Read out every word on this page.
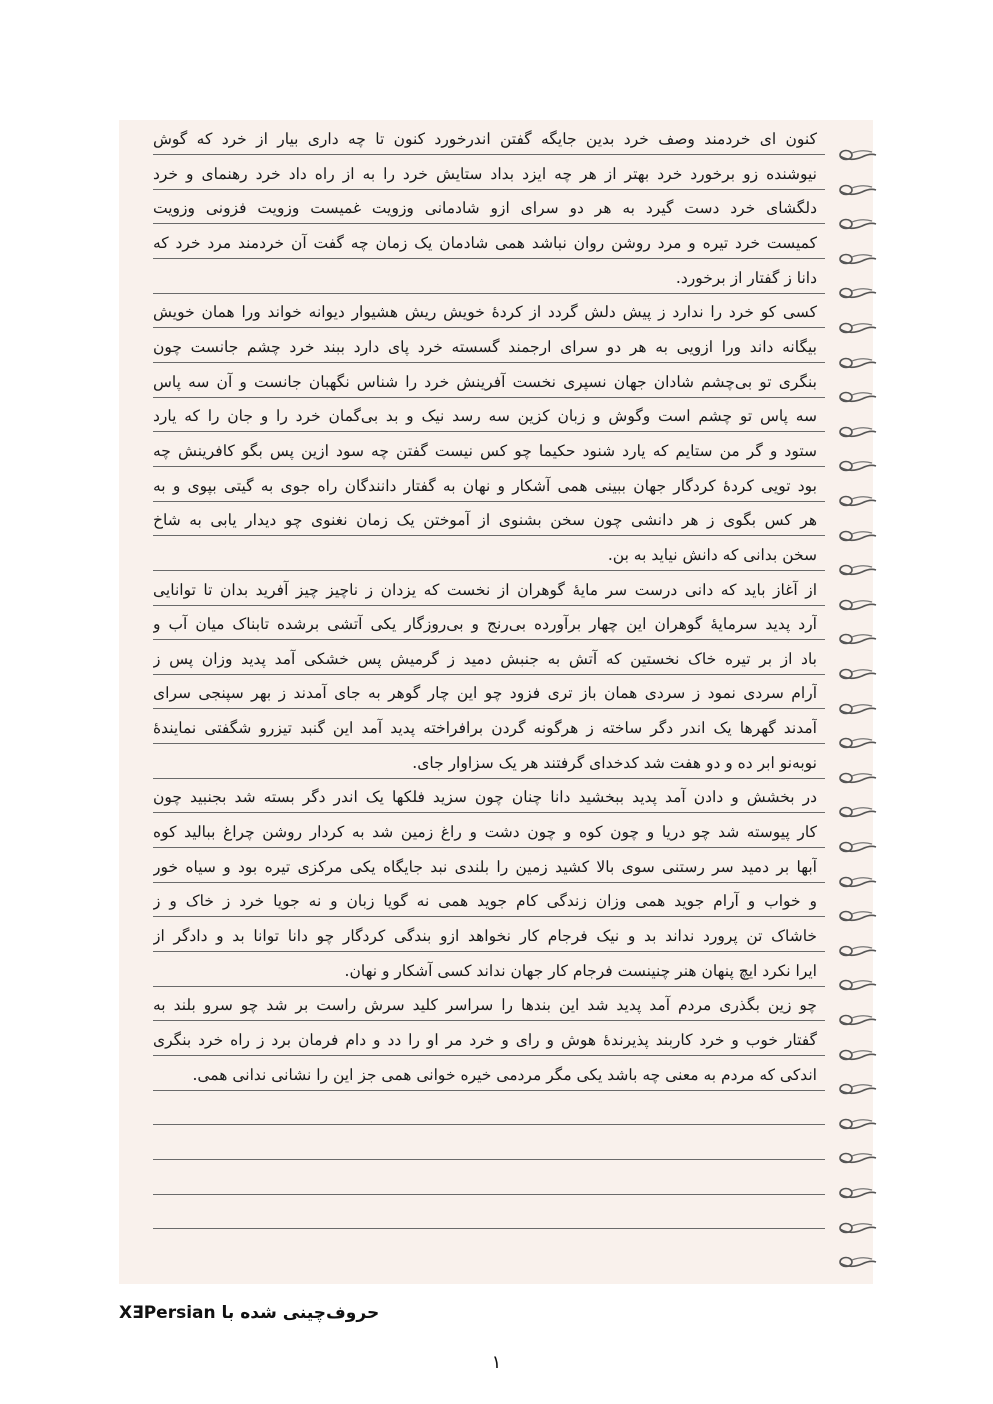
کنون ای خردمند وصف خرد بدین جایگه گفتن اندرخورد کنون تا چه داری بیار از خرد که گوش
نیوشنده زو برخورد خرد بهتر از هر چه ایزد بداد ستایش خرد را به از راه داد خرد رهنمای و خرد
دلگشای خرد دست گیرد به هر دو سرای ازو شادمانی وزویت غمیست وزویت فزونی وزویت
کمیست خرد تیره و مرد روشن روان نباشد همی شادمان یک زمان چه گفت آن خردمند مرد خرد که
دانا ز گفتار از برخورد.
کسی کو خرد را ندارد ز پیش دلش گردد از کردهٔ خویش ریش هشیوار دیوانه خواند ورا همان خویش
بیگانه داند ورا ازویی به هر دو سرای ارجمند گسسته خرد پای دارد ببند خرد چشم جانست چون
بنگری تو بی‌چشم شادان جهان نسپری نخست آفرینش خرد را شناس نگهبان جانست و آن سه پاس
سه پاس تو چشم است وگوش و زبان کزین سه رسد نیک و بد بی‌گمان خرد را و جان را که یارد
ستود و گر من ستایم که یارد شنود حکیما چو کس نیست گفتن چه سود ازین پس بگو کافرینش چه
بود تویی کردهٔ کردگار جهان ببینی همی آشکار و نهان به گفتار دانندگان راه جوی به گیتی بپوی و به
هر کس بگوی ز هر دانشی چون سخن بشنوی از آموختن یک زمان نغنوی چو دیدار یابی به شاخ
سخن بدانی که دانش نیاید به بن.
از آغاز باید که دانی درست سر مایهٔ گوهران از نخست که یزدان ز ناچیز چیز آفرید بدان تا توانایی
آرد پدید سرمایهٔ گوهران این چهار برآورده بی‌رنج و بی‌روزگار یکی آتشی برشده تابناک میان آب و
باد از بر تیره خاک نخستین که آتش به جنبش دمید ز گرمیش پس خشکی آمد پدید وزان پس ز
آرام سردی نمود ز سردی همان باز تری فزود چو این چار گوهر به جای آمدند ز بهر سپنجی سرای
آمدند گهرها یک اندر دگر ساخته ز هرگونه گردن برافراخته پدید آمد این گنبد تیزرو شگفتی نمایندهٔ
نوبه‌نو ابر ده و دو هفت شد کدخدای گرفتند هر یک سزاوار جای.
در بخشش و دادن آمد پدید ببخشید دانا چنان چون سزید فلکها یک اندر دگر بسته شد بجنبید چون
کار پیوسته شد چو دریا و چون کوه و چون دشت و راغ زمین شد به کردار روشن چراغ ببالید کوه
آبها بر دمید سر رستنی سوی بالا کشید زمین را بلندی نبد جایگاه یکی مرکزی تیره بود و سیاه خور
و خواب و آرام جوید همی وزان زندگی کام جوید همی نه گویا زبان و نه جویا خرد ز خاک و ز
خاشاک تن پرورد نداند بد و نیک فرجام کار نخواهد ازو بندگی کردگار چو دانا توانا بد و دادگر از
ایرا نکرد ایچ پنهان هنر چنینست فرجام کار جهان نداند کسی آشکار و نهان.
چو زین بگذری مردم آمد پدید شد این بندها را سراسر کلید سرش راست بر شد چو سرو بلند به
گفتار خوب و خرد کاربند پذیرندهٔ هوش و رای و خرد مر او را دد و دام فرمان برد ز راه خرد بنگری
اندکی که مردم به معنی چه باشد یکی مگر مردمی خیره خوانی همی جز این را نشانی ندانی همی.
حروف‌چینی شده با XƎPersian
۱
